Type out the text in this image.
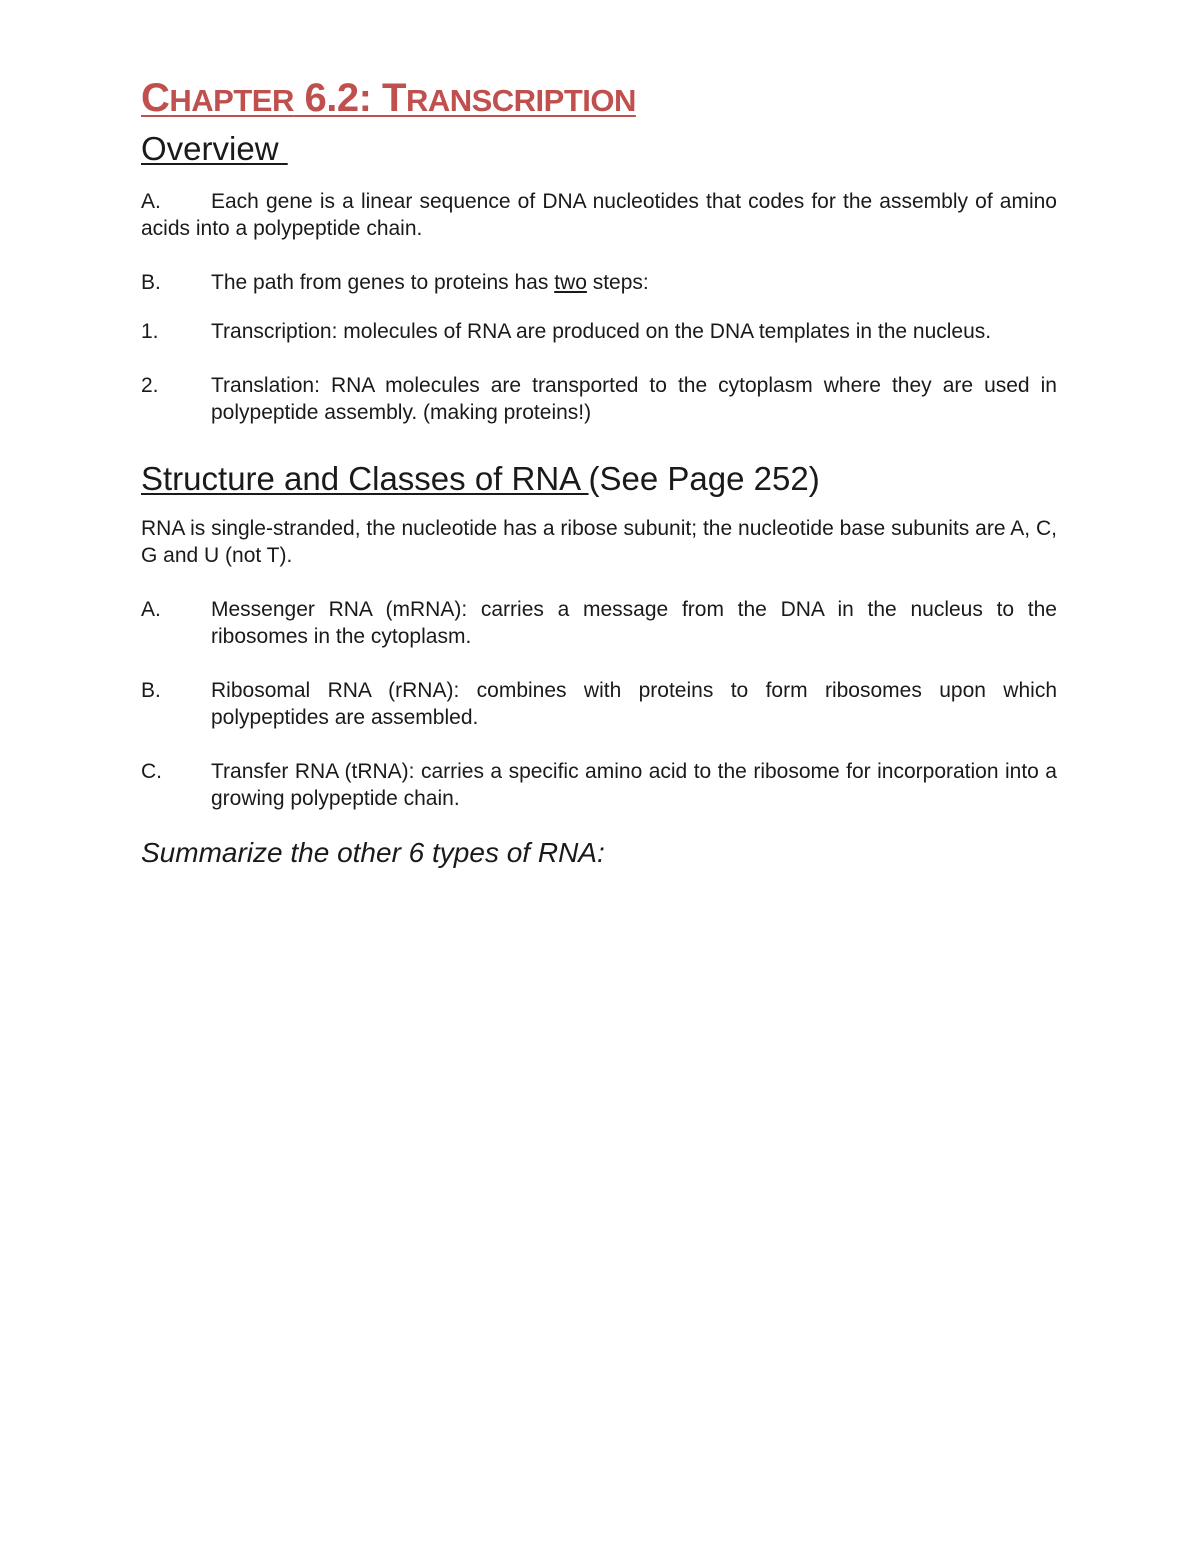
CHAPTER 6.2: TRANSCRIPTION
Overview
A. Each gene is a linear sequence of DNA nucleotides that codes for the assembly of amino acids into a polypeptide chain.
B.	The path from genes to proteins has two steps:
1.	Transcription: molecules of RNA are produced on the DNA templates in the nucleus.
2.	Translation: RNA molecules are transported to the cytoplasm where they are used in polypeptide assembly. (making proteins!)
Structure and Classes of RNA (See Page 252)

RNA is single-stranded, the nucleotide has a ribose subunit; the nucleotide base subunits are A, C, G and U (not T).

A.	Messenger RNA (mRNA): carries a message from the DNA in the nucleus to the ribosomes in the cytoplasm.
B.	Ribosomal RNA (rRNA): combines with proteins to form ribosomes upon which polypeptides are assembled.
C.	Transfer RNA (tRNA): carries a specific amino acid to the ribosome for incorporation into a growing polypeptide chain.

Summarize the other 6 types of RNA:
